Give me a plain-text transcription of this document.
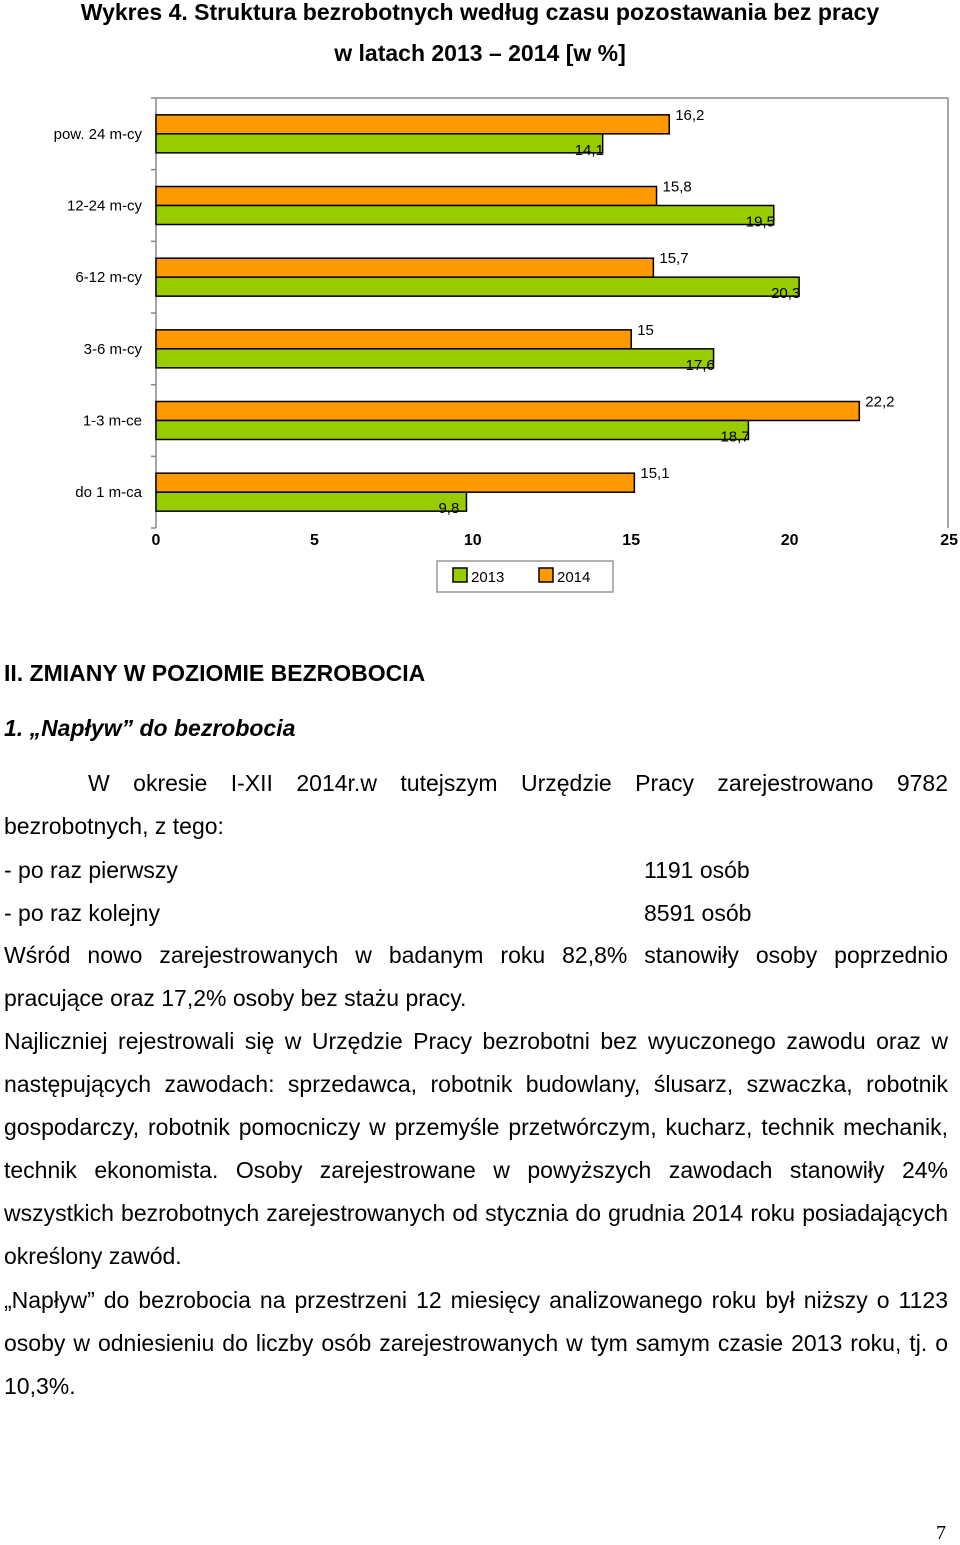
Wykres 4. Struktura bezrobotnych według czasu pozostawania bez pracy
w latach 2013 – 2014 [w %]
do 1 m-ca
15,1
9,8
1-3 m-ce
22,2
18,7
3-6 m-cy
15
17,6
6-12 m-cy
15,7
20,3
12-24 m-cy
15,8
19,5
pow. 24 m-cy
16,2
14,1
0	5	10	15	20	25
2013	2014
II. ZMIANY W POZIOMIE BEZROBOCIA
1. „Napływ” do bezrobocia
W okresie I-XII 2014r.w tutejszym Urzędzie Pracy zarejestrowano 9782 bezrobotnych, z tego:
- po raz pierwszy	1191 osób
- po raz kolejny	8591 osób
Wśród nowo zarejestrowanych w badanym roku 82,8% stanowiły osoby poprzednio pracujące oraz 17,2% osoby bez stażu pracy.
Najliczniej rejestrowali się w Urzędzie Pracy bezrobotni bez wyuczonego zawodu oraz w następujących zawodach: sprzedawca, robotnik budowlany, ślusarz, szwaczka, robotnik gospodarczy, robotnik pomocniczy w przemyśle przetwórczym, kucharz, technik mechanik, technik ekonomista. Osoby zarejestrowane w powyższych zawodach stanowiły 24% wszystkich bezrobotnych zarejestrowanych od stycznia do grudnia 2014 roku posiadających określony zawód.
„Napływ” do bezrobocia na przestrzeni 12 miesięcy analizowanego roku był niższy o 1123 osoby w odniesieniu do liczby osób zarejestrowanych w tym samym czasie 2013 roku, tj. o 10,3%.
7
